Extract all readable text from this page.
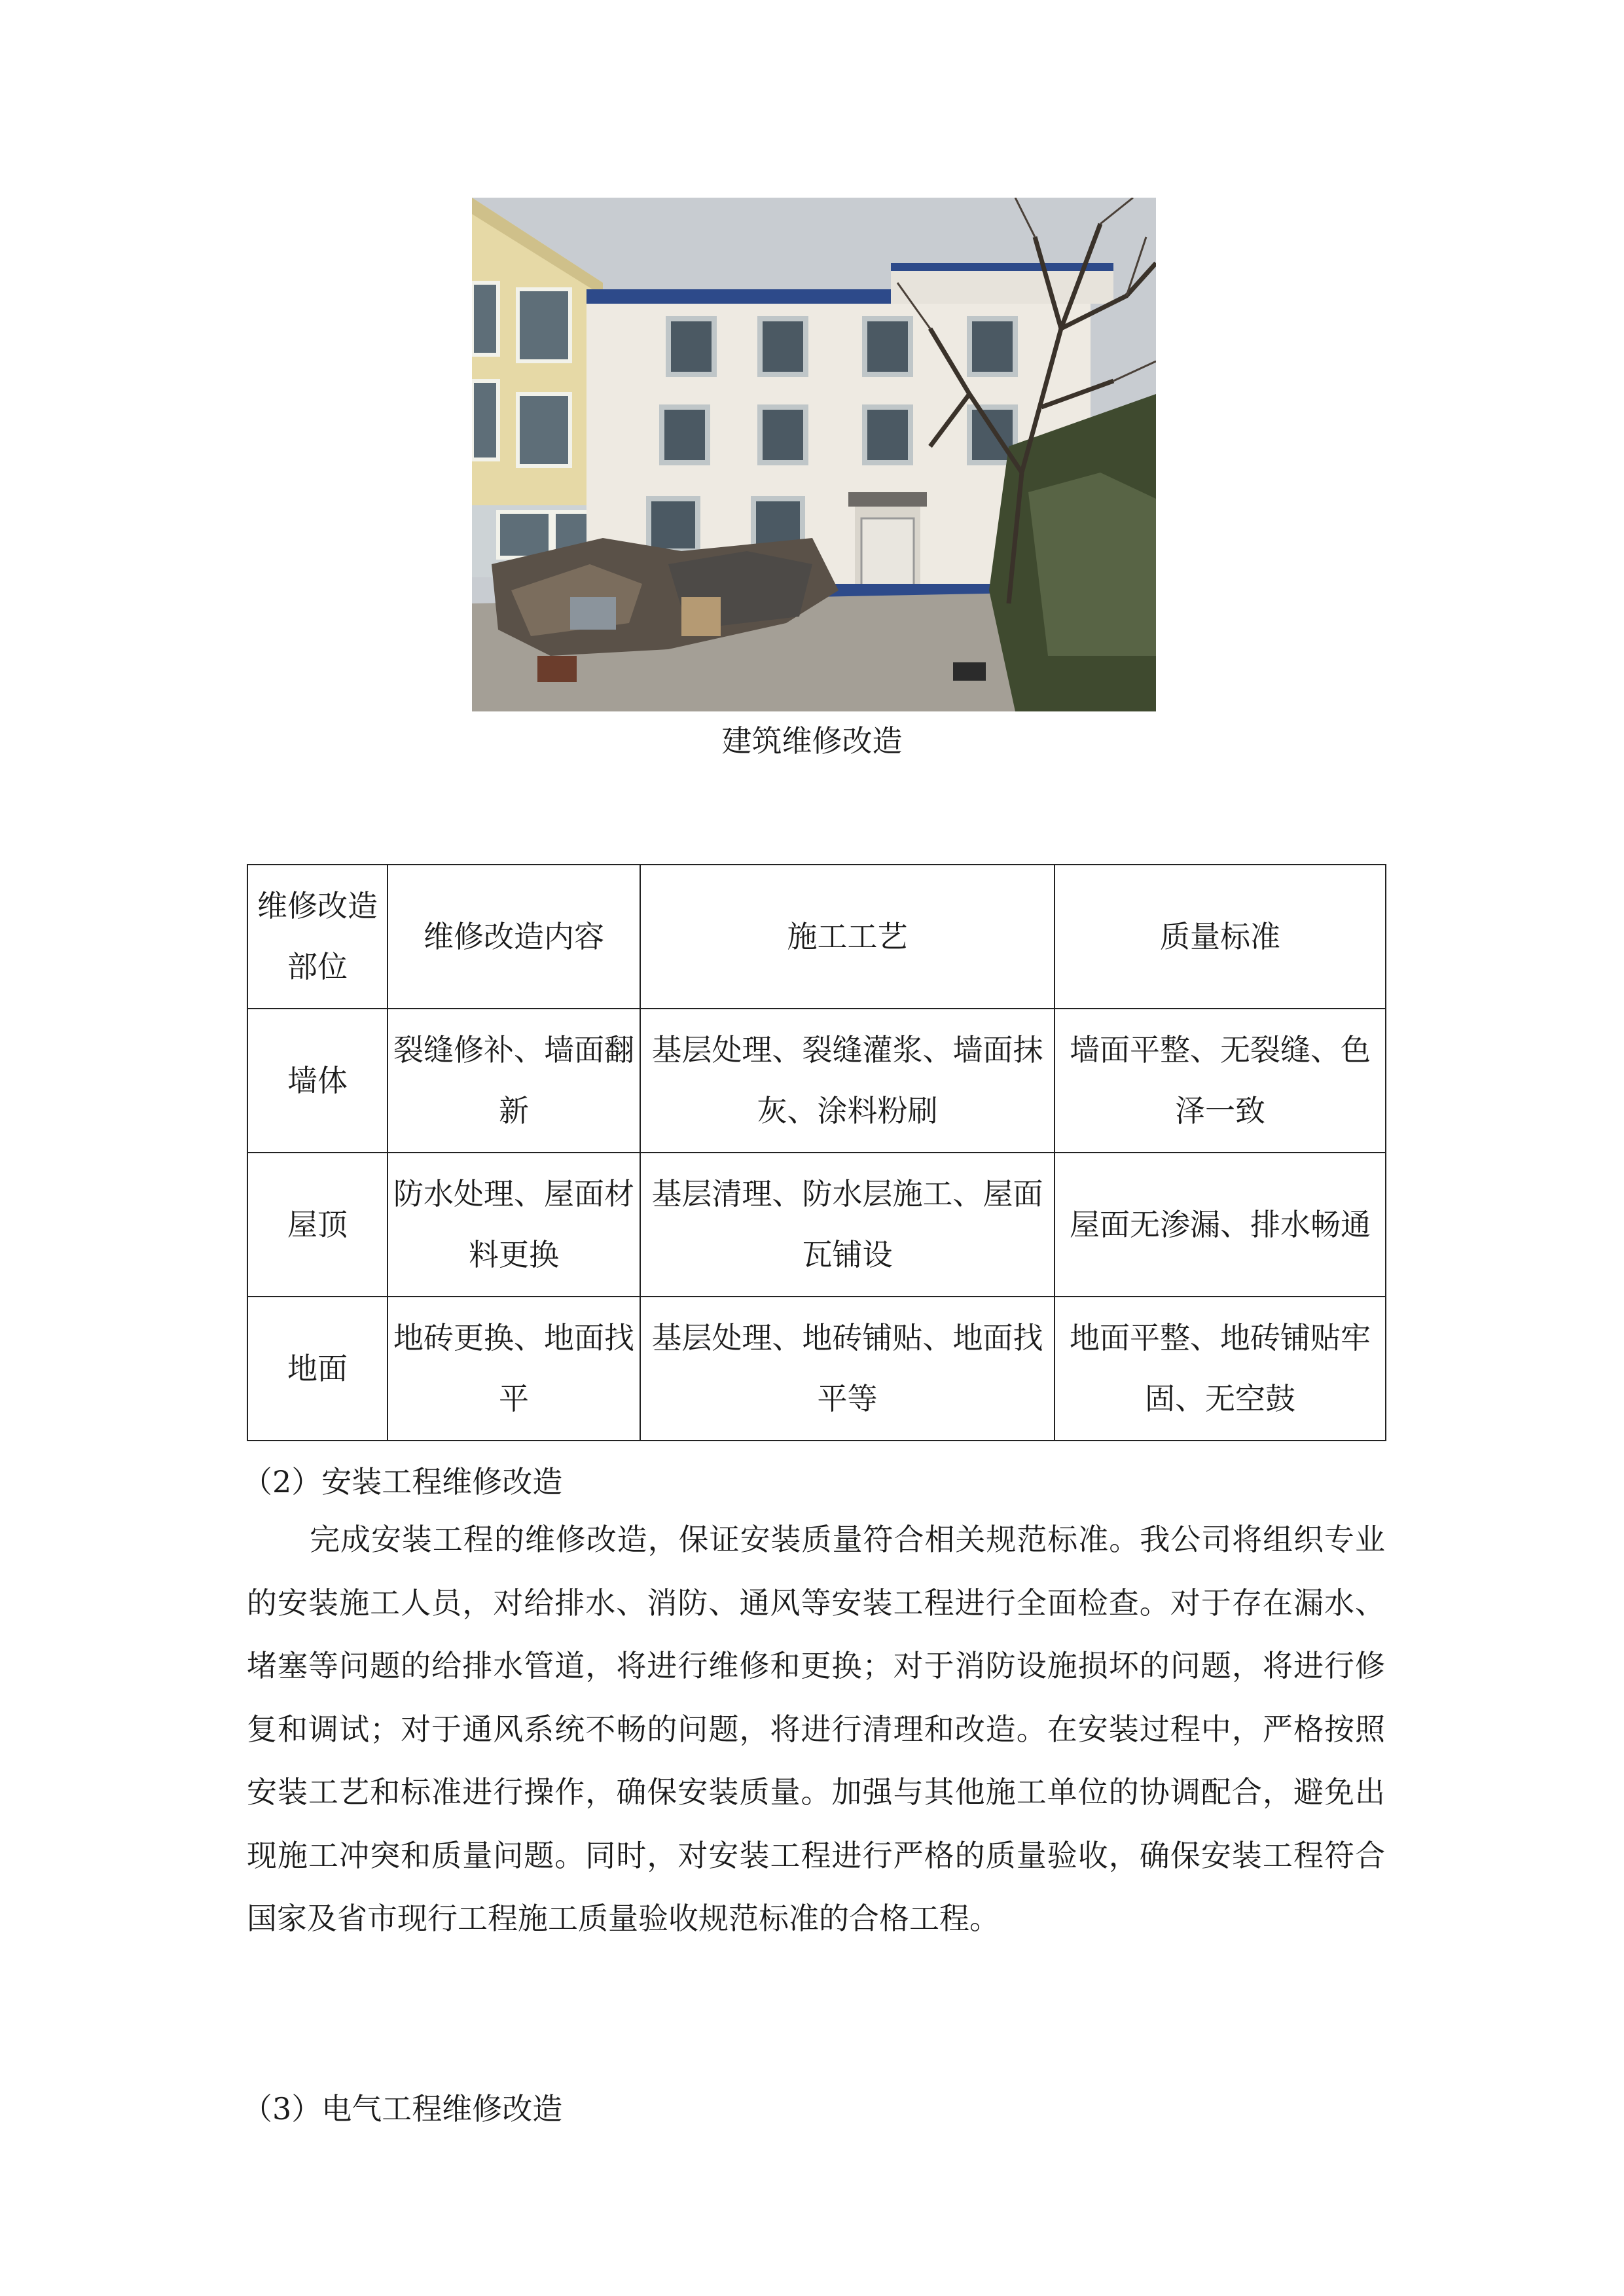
建筑维修改造
维修改造部位	维修改造内容	施工工艺	质量标准
墙体	裂缝修补、墙面翻新	基层处理、裂缝灌浆、墙面抹灰、涂料粉刷	墙面平整、无裂缝、色泽一致
屋顶	防水处理、屋面材料更换	基层清理、防水层施工、屋面瓦铺设	屋面无渗漏、排水畅通
地面	地砖更换、地面找平	基层处理、地砖铺贴、地面找平等	地面平整、地砖铺贴牢固、无空鼓
（2）安装工程维修改造

完成安装工程的维修改造，保证安装质量符合相关规范标准。我公司将组织专业的安装施工人员，对给排水、消防、通风等安装工程进行全面检查。对于存在漏水、堵塞等问题的给排水管道，将进行维修和更换；对于消防设施损坏的问题，将进行修复和调试；对于通风系统不畅的问题，将进行清理和改造。在安装过程中，严格按照安装工艺和标准进行操作，确保安装质量。加强与其他施工单位的协调配合，避免出现施工冲突和质量问题。同时，对安装工程进行严格的质量验收，确保安装工程符合国家及省市现行工程施工质量验收规范标准的合格工程。

（3）电气工程维修改造
